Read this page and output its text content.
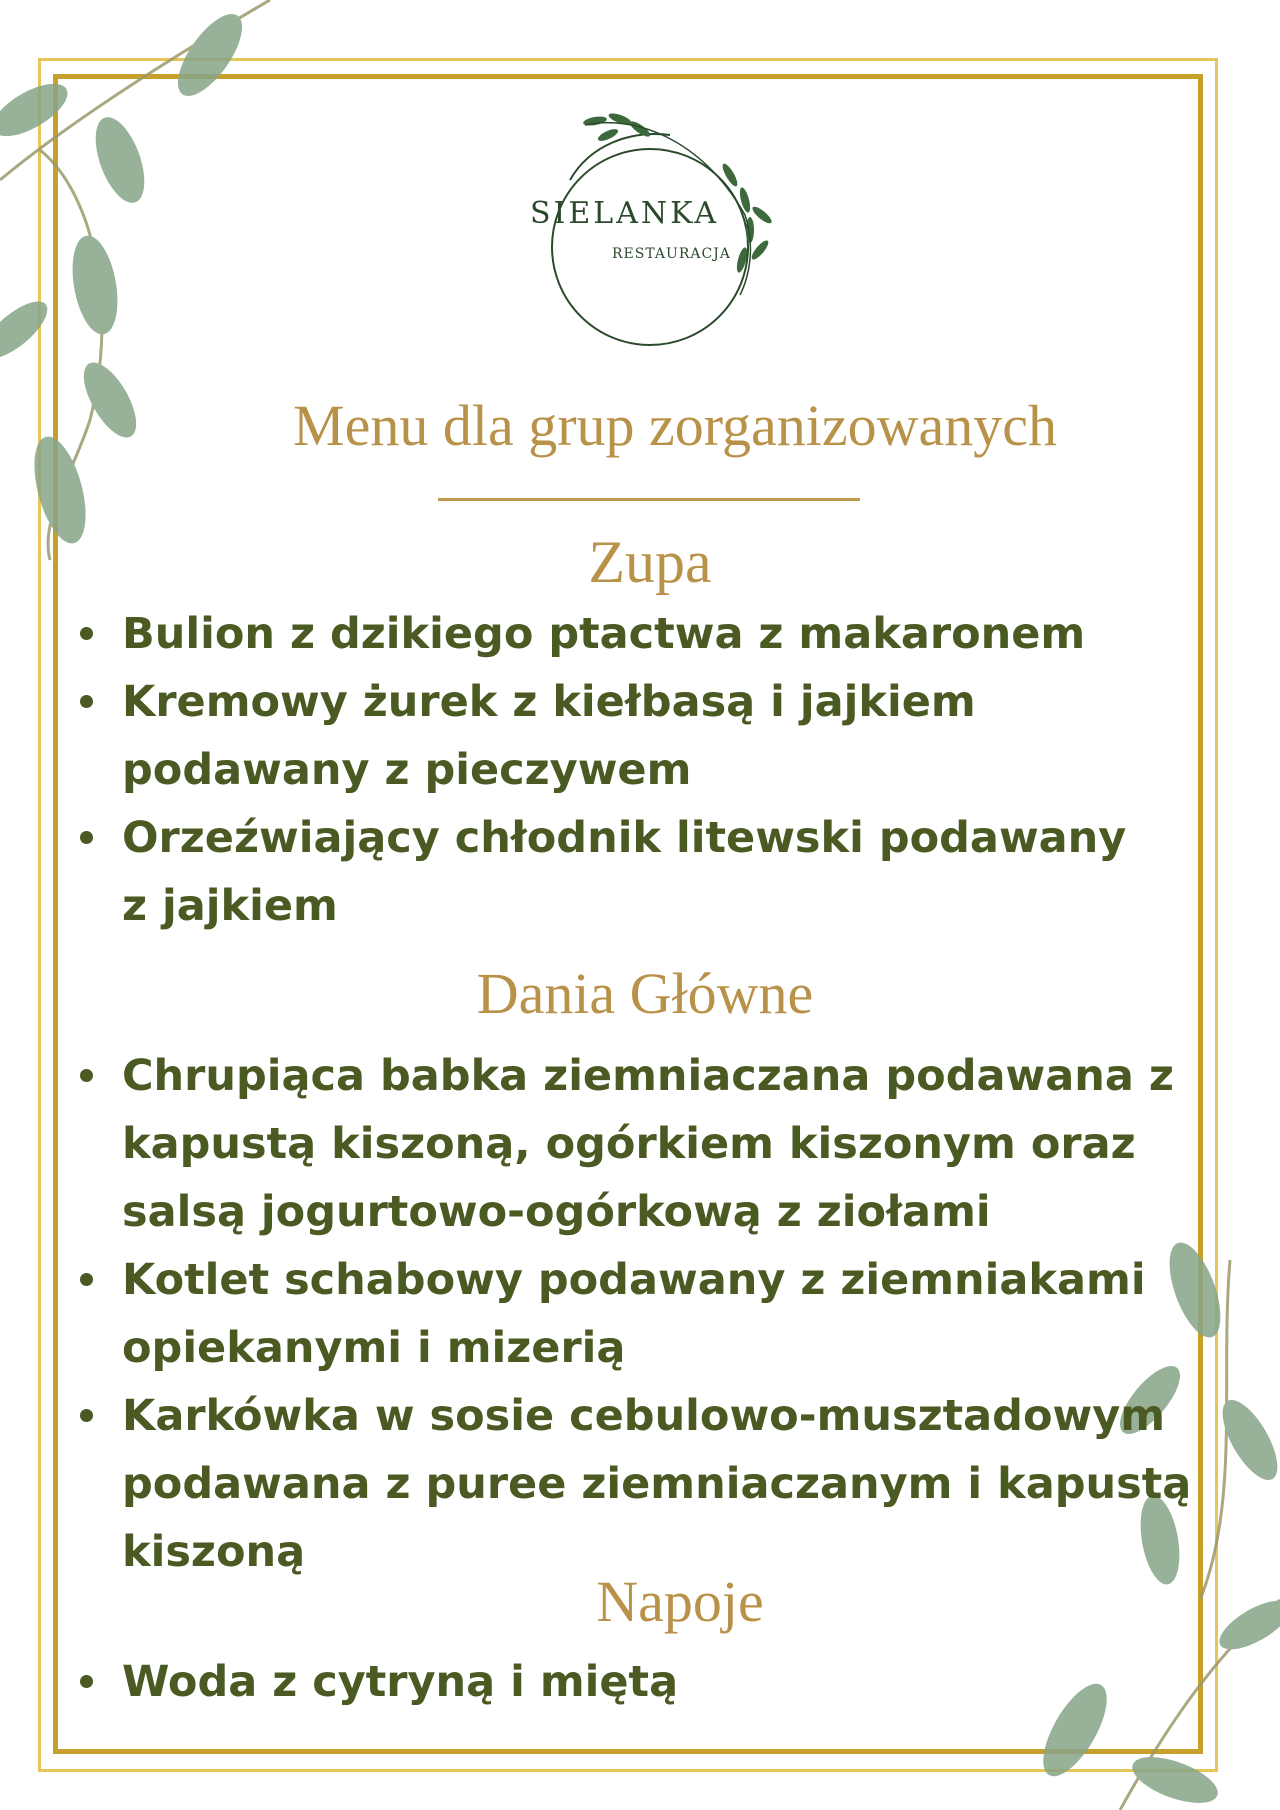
SIELANKA
RESTAURACJA
Menu dla grup zorganizowanych
Zupa
Bulion z dzikiego ptactwa z makaronem
Kremowy żurek z kiełbasą i jajkiem podawany z pieczywem
Orzeźwiający chłodnik litewski podawany z jajkiem
Dania Główne
Chrupiąca babka ziemniaczana podawana z kapustą kiszoną, ogórkiem kiszonym oraz salsą jogurtowo-ogórkową z ziołami
Kotlet schabowy podawany z ziemniakami opiekanymi i mizerią
Karkówka w sosie cebulowo-musztadowym podawana z puree ziemniaczanym i kapustą kiszoną
Napoje
Woda z cytryną i miętą
